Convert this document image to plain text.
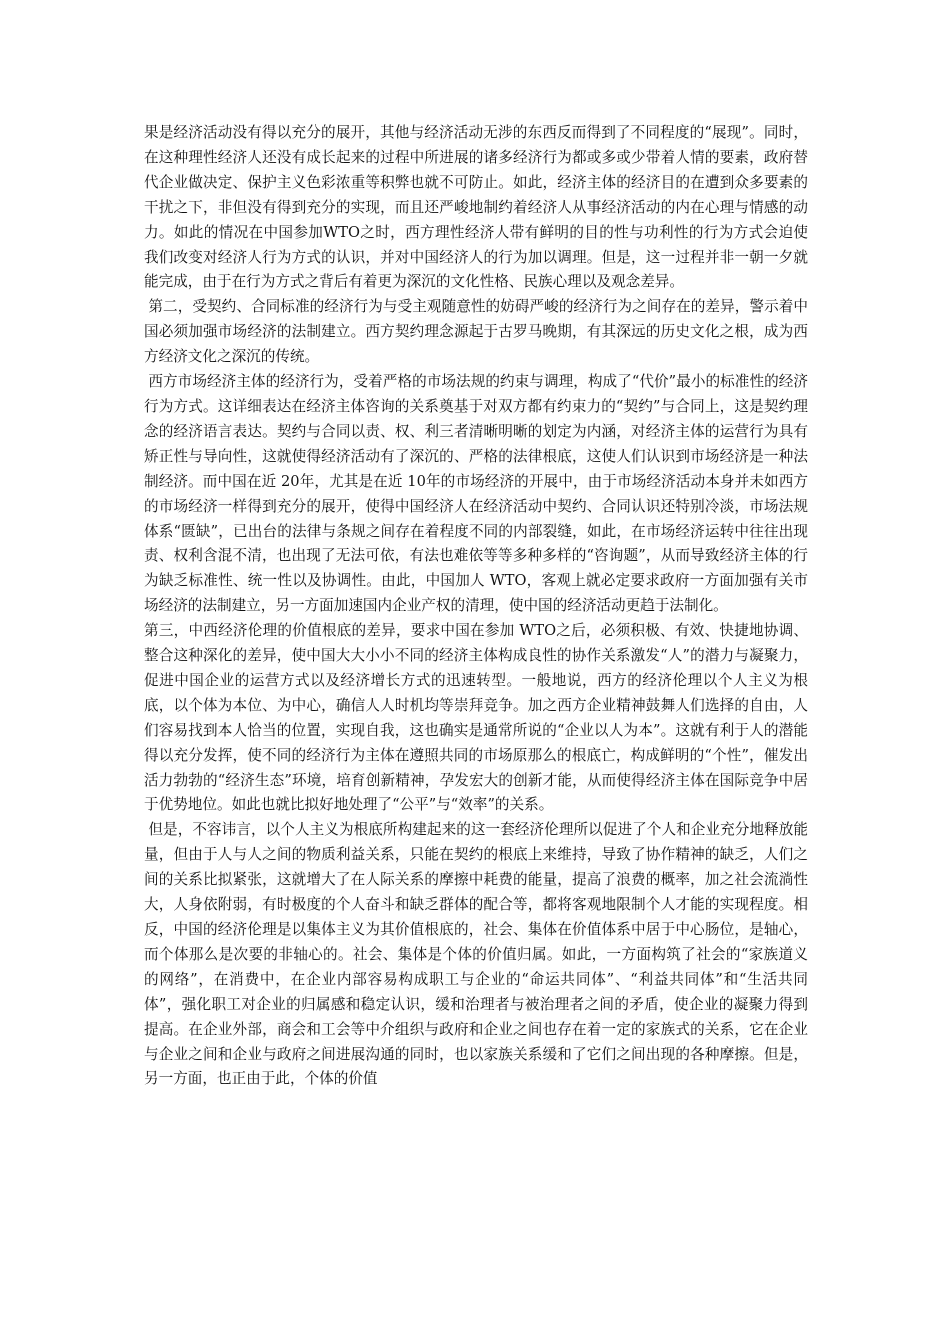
果是经济活动没有得以充分的展开，其他与经济活动无涉的东西反而得到了不同程度的“展现”。同时，在这种理性经济人还没有成长起来的过程中所进展的诸多经济行为都或多或少带着人情的要素，政府替代企业做决定、保护主义色彩浓重等积弊也就不可防止。如此，经济主体的经济目的在遭到众多要素的干扰之下，非但没有得到充分的实现，而且还严峻地制约着经济人从事经济活动的内在心理与情感的动力。如此的情况在中国参加WTO之时，西方理性经济人带有鲜明的目的性与功利性的行为方式会迫使我们改变对经济人行为方式的认识，并对中国经济人的行为加以调理。但是，这一过程并非一朝一夕就能完成，由于在行为方式之背后有着更为深沉的文化性格、民族心理以及观念差异。

第二，受契约、合同标准的经济行为与受主观随意性的妨碍严峻的经济行为之间存在的差异，警示着中国必须加强市场经济的法制建立。西方契约理念源起于古罗马晚期，有其深远的历史文化之根，成为西方经济文化之深沉的传统。

西方市场经济主体的经济行为，受着严格的市场法规的约束与调理，构成了“代价”最小的标准性的经济行为方式。这详细表达在经济主体咨询的关系奠基于对双方都有约束力的“契约”与合同上，这是契约理念的经济语言表达。契约与合同以责、权、利三者清晰明晰的划定为内涵，对经济主体的运营行为具有矫正性与导向性，这就使得经济活动有了深沉的、严格的法律根底，这使人们认识到市场经济是一种法制经济。而中国在近 20年，尤其是在近 10年的市场经济的开展中，由于市场经济活动本身并未如西方的市场经济一样得到充分的展开，使得中国经济人在经济活动中契约、合同认识还特别冷淡，市场法规体系“匮缺”，已出台的法律与条规之间存在着程度不同的内部裂缝，如此，在市场经济运转中往往出现责、权利含混不清，也出现了无法可依，有法也难依等等多种多样的“咨询题”，从而导致经济主体的行为缺乏标准性、统一性以及协调性。由此，中国加人 WTO，客观上就必定要求政府一方面加强有关市场经济的法制建立，另一方面加速国内企业产权的清理，使中国的经济活动更趋于法制化。

第三，中西经济伦理的价值根底的差异，要求中国在参加 WTO之后，必须积极、有效、快捷地协调、整合这种深化的差异，使中国大大小小不同的经济主体构成良性的协作关系激发“人”的潜力与凝聚力，促进中国企业的运营方式以及经济增长方式的迅速转型。一般地说，西方的经济伦理以个人主义为根底，以个体为本位、为中心，确信人人时机均等崇拜竞争。加之西方企业精神鼓舞人们选择的自由，人们容易找到本人恰当的位置，实现自我，这也确实是通常所说的“企业以人为本”。这就有利于人的潜能得以充分发挥，使不同的经济行为主体在遵照共同的市场原那么的根底亡，构成鲜明的“个性”，催发出活力勃勃的“经济生态”环境，培育创新精神，孕发宏大的创新才能，从而使得经济主体在国际竞争中居于优势地位。如此也就比拟好地处理了“公平”与“效率”的关系。

但是，不容讳言，以个人主义为根底所构建起来的这一套经济伦理所以促进了个人和企业充分地释放能量，但由于人与人之间的物质利益关系，只能在契约的根底上来维持，导致了协作精神的缺乏，人们之间的关系比拟紧张，这就增大了在人际关系的摩擦中耗费的能量，提高了浪费的概率，加之社会流淌性大，人身依附弱，有时极度的个人奋斗和缺乏群体的配合等，都将客观地限制个人才能的实现程度。相反，中国的经济伦理是以集体主义为其价值根底的，社会、集体在价值体系中居于中心肠位，是轴心，而个体那么是次要的非轴心的。社会、集体是个体的价值归属。如此，一方面构筑了社会的“家族道义的网络”，在消费中，在企业内部容易构成职工与企业的“命运共同体”、“利益共同体”和“生活共同体”，强化职工对企业的归属感和稳定认识，缓和治理者与被治理者之间的矛盾，使企业的凝聚力得到提高。在企业外部，商会和工会等中介组织与政府和企业之间也存在着一定的家族式的关系，它在企业与企业之间和企业与政府之间进展沟通的同时，也以家族关系缓和了它们之间出现的各种摩擦。但是，另一方面，也正由于此，个体的价值
